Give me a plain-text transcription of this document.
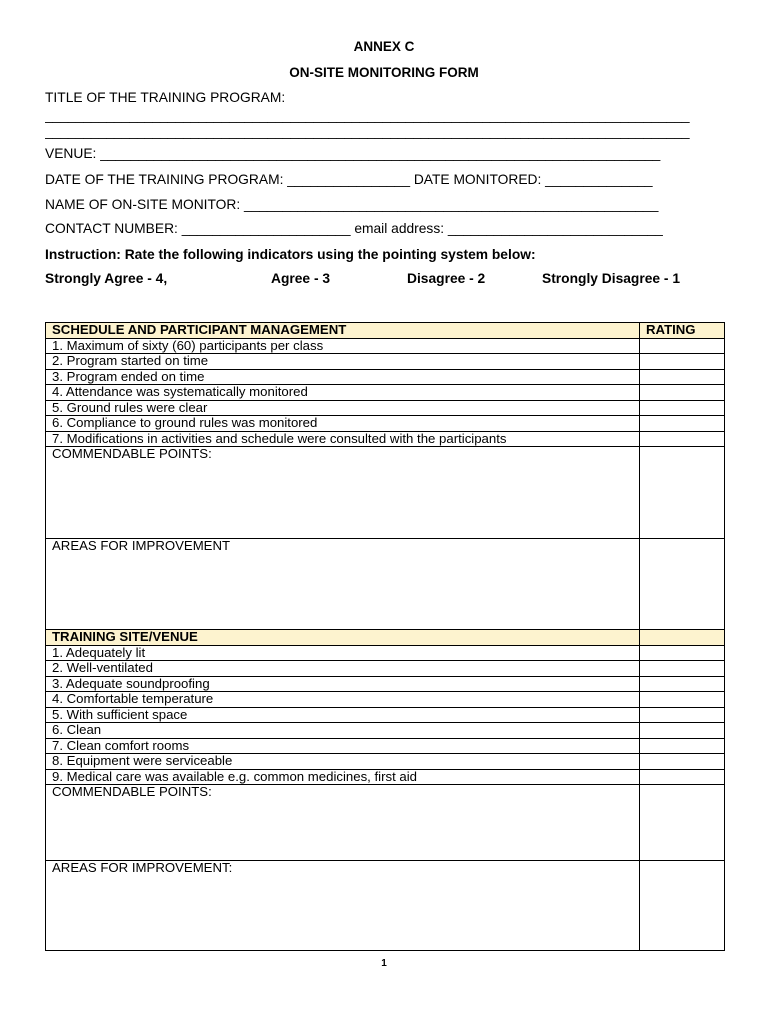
ANNEX C
ON-SITE MONITORING FORM
TITLE OF THE TRAINING PROGRAM:
____________________________________________________________________________________
____________________________________________________________________________________
VENUE: _________________________________________________________________________
DATE OF THE TRAINING PROGRAM: ________________ DATE MONITORED: ______________
NAME OF ON-SITE MONITOR: ______________________________________________________
CONTACT NUMBER: ______________________ email address: ____________________________
Instruction: Rate the following indicators using the pointing system below:
Strongly Agree - 4,	Agree - 3	Disagree - 2	Strongly Disagree - 1
SCHEDULE AND PARTICIPANT MANAGEMENT	RATING
1. Maximum of sixty (60) participants per class	
2. Program started on time	
3. Program ended on time	
4. Attendance was systematically monitored	
5. Ground rules were clear	
6. Compliance to ground rules was monitored	
7. Modifications in activities and schedule were consulted with the participants	
COMMENDABLE POINTS:	
AREAS FOR IMPROVEMENT	
TRAINING SITE/VENUE	
1. Adequately lit	
2. Well-ventilated	
3. Adequate soundproofing	
4. Comfortable temperature	
5. With sufficient space	
6. Clean	
7. Clean comfort rooms	
8. Equipment were serviceable	
9. Medical care was available e.g. common medicines, first aid	
COMMENDABLE POINTS:	
AREAS FOR IMPROVEMENT:	
1
